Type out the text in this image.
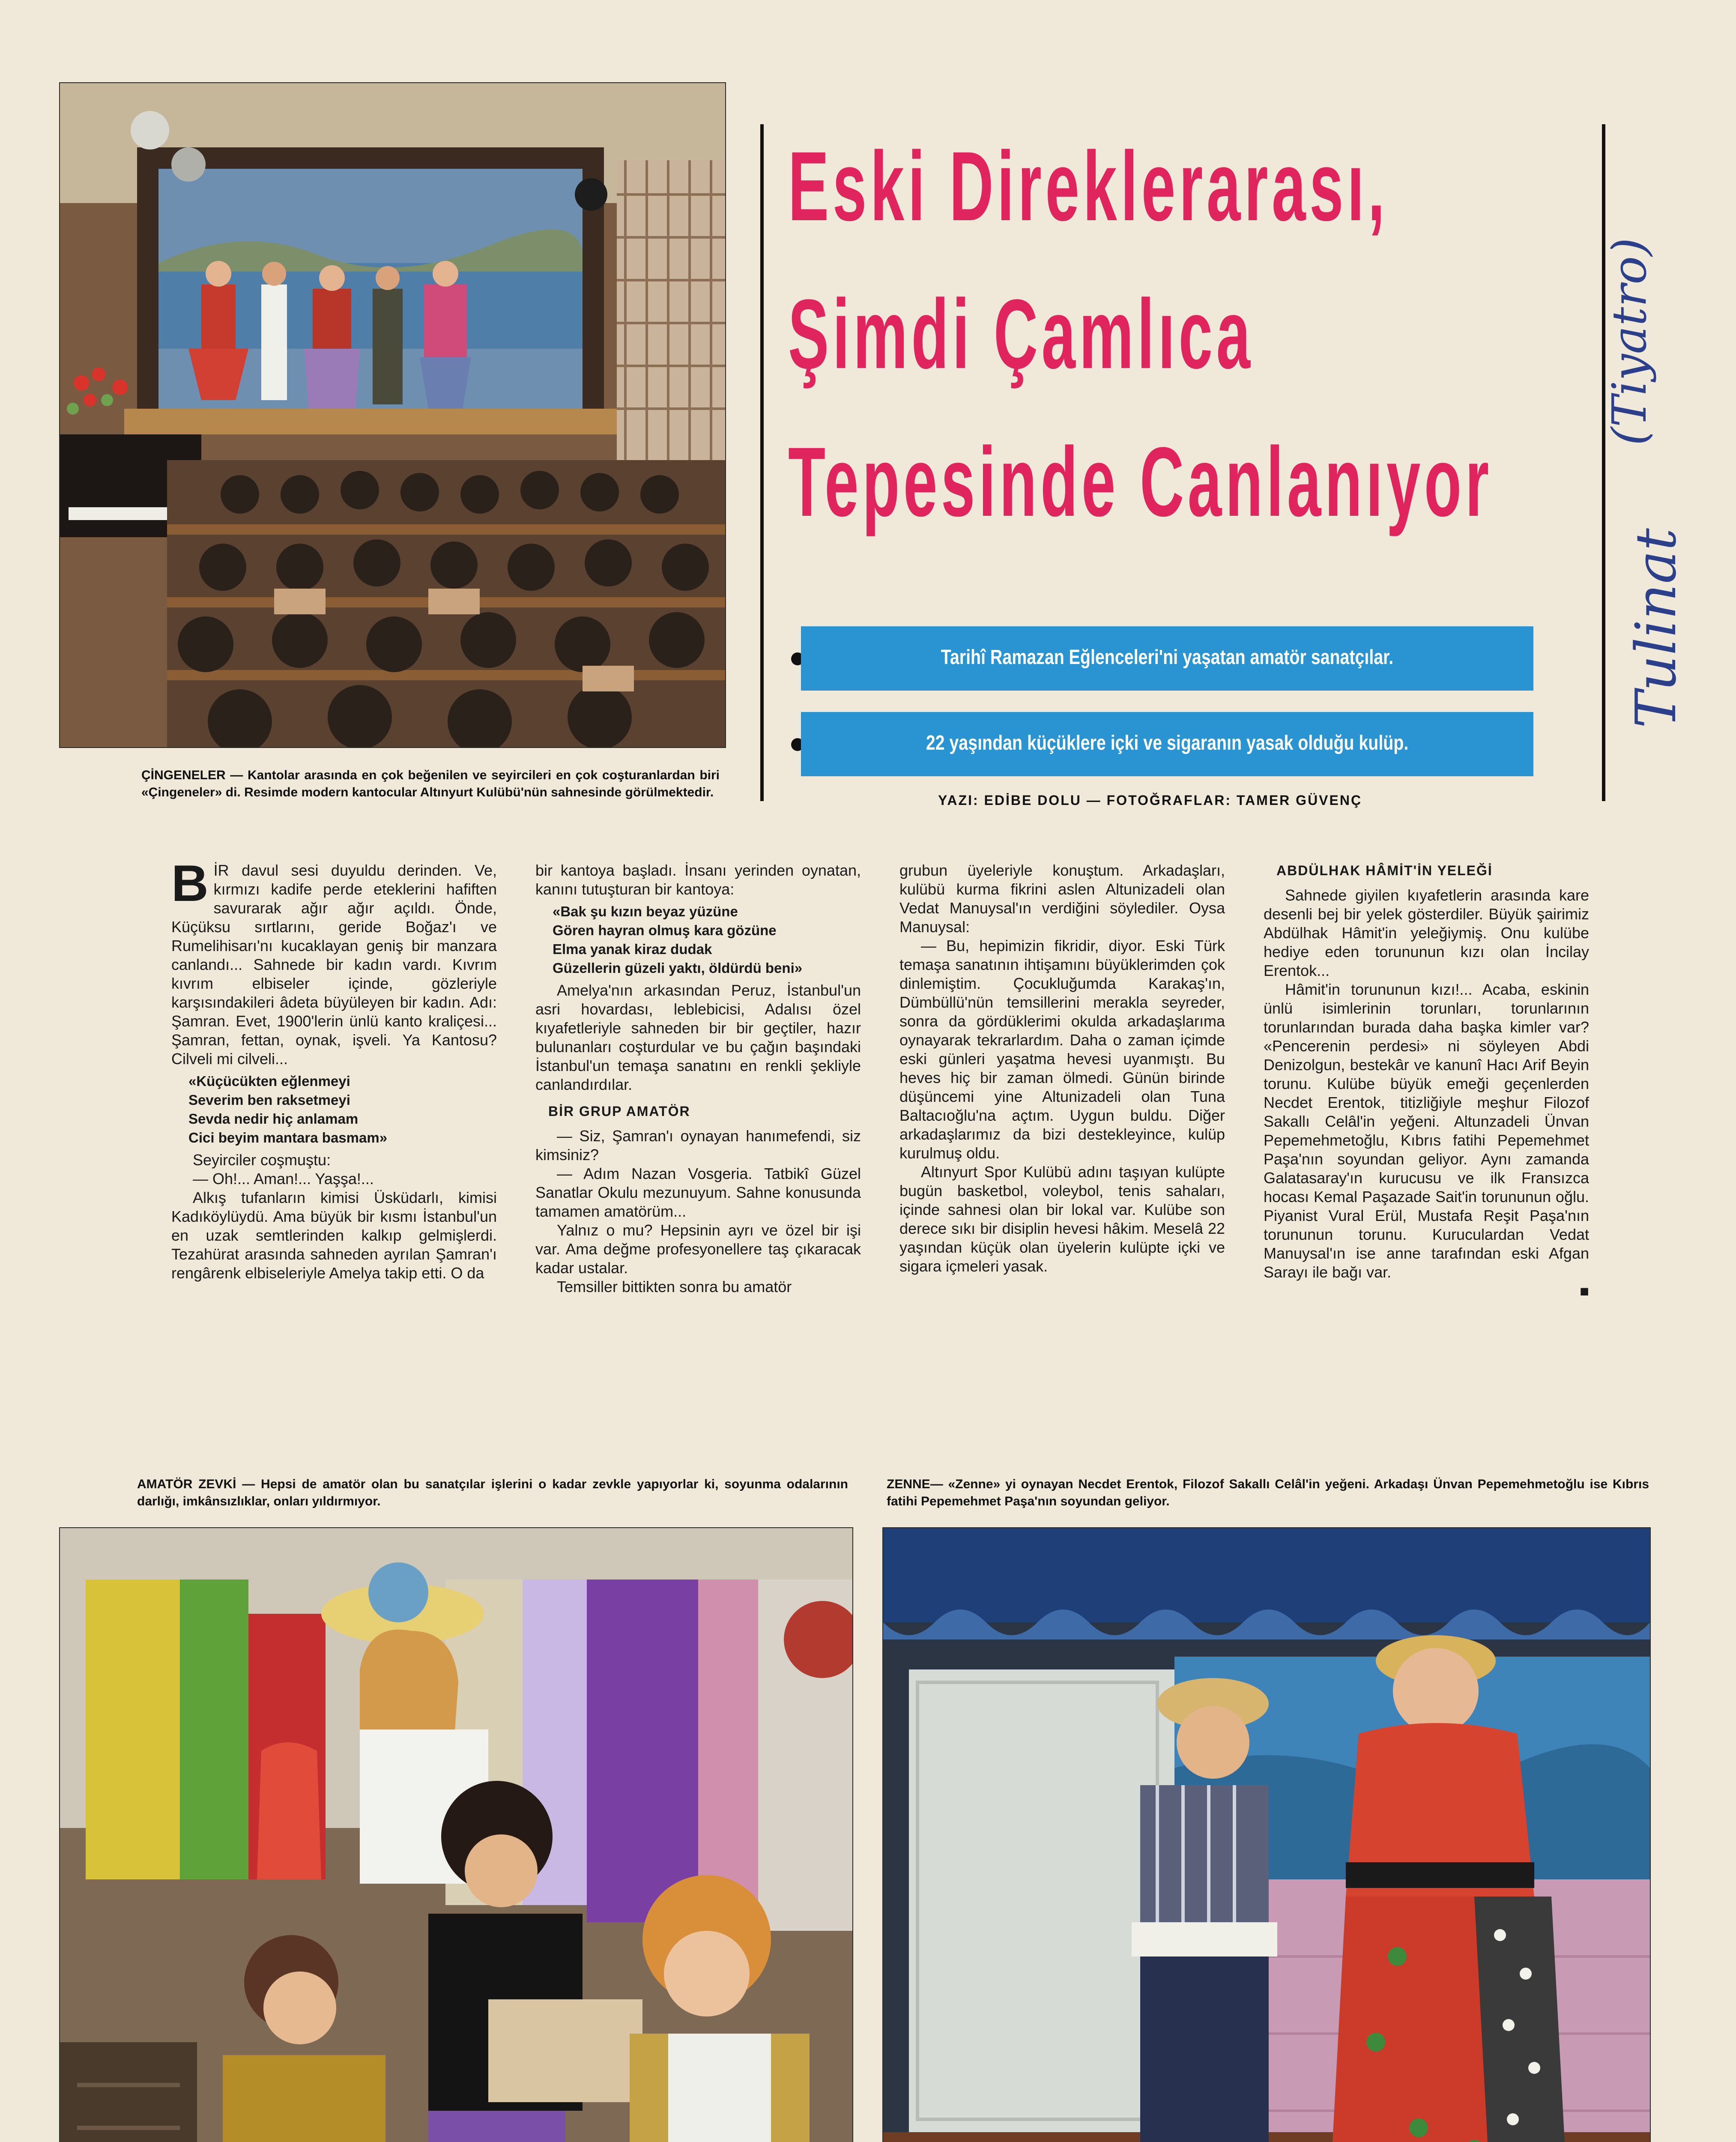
ÇİNGENELER — Kantolar arasında en çok beğenilen ve seyircileri en çok coşturanlardan biri «Çingeneler» di. Resimde modern kantocular Altınyurt Kulübü'nün sahnesinde görülmektedir.
Eski Direklerarası,
Şimdi Çamlıca
Tepesinde Canlanıyor
Tarihî Ramazan Eğlenceleri'ni yaşatan amatör sanatçılar.
22 yaşından küçüklere içki ve sigaranın yasak olduğu kulüp.
YAZI: EDİBE DOLU — FOTOĞRAFLAR: TAMER GÜVENÇ
(Tiyatro)
Tulinat

BİR davul sesi duyuldu derinden. Ve, kırmızı kadife perde eteklerini hafiften savurarak ağır ağır açıldı. Önde, Küçüksu sırtlarını, geride Boğaz'ı ve Rumelihisarı'nı kucaklayan geniş bir manzara canlandı... Sahnede bir kadın vardı. Kıvrım kıvrım elbiseler içinde, gözleriyle karşısındakileri âdeta büyüleyen bir kadın. Adı: Şamran. Evet, 1900'lerin ünlü kanto kraliçesi... Şamran, fettan, oynak, işveli. Ya Kantosu? Cilveli mi cilveli...

«Küçücükten eğlenmeyi
Severim ben raksetmeyi
Sevda nedir hiç anlamam
Cici beyim mantara basmam»

Seyirciler coşmuştu:

— Oh!... Aman!... Yaşşa!...

Alkış tufanların kimisi Üsküdarlı, kimisi Kadıköylüydü. Ama büyük bir kısmı İstanbul'un en uzak semtlerinden kalkıp gelmişlerdi. Tezahürat arasında sahneden ayrılan Şamran'ı rengârenk elbiseleriyle Amelya takip etti. O da

bir kantoya başladı. İnsanı yerinden oynatan, kanını tutuşturan bir kantoya:

«Bak şu kızın beyaz yüzüne
Gören hayran olmuş kara gözüne
Elma yanak kiraz dudak
Güzellerin güzeli yaktı, öldürdü beni»

Amelya'nın arkasından Peruz, İstanbul'un asri hovardası, leblebicisi, Adalısı özel kıyafetleriyle sahneden bir bir geçtiler, hazır bulunanları coşturdular ve bu çağın başındaki İstanbul'un temaşa sanatını en renkli şekliyle canlandırdılar.

BİR GRUP AMATÖR

— Siz, Şamran'ı oynayan hanımefendi, siz kimsiniz?

— Adım Nazan Vosgeria. Tatbikî Güzel Sanatlar Okulu mezunuyum. Sahne konusunda tamamen amatörüm...

Yalnız o mu? Hepsinin ayrı ve özel bir işi var. Ama değme profesyonellere taş çıkaracak kadar ustalar.

Temsiller bittikten sonra bu amatör

grubun üyeleriyle konuştum. Arkadaşları, kulübü kurma fikrini aslen Altunizadeli olan Vedat Manuysal'ın verdiğini söylediler. Oysa Manuysal:

— Bu, hepimizin fikridir, diyor. Eski Türk temaşa sanatının ihtişamını büyüklerimden çok dinlemiştim. Çocukluğumda Karakaş'ın, Dümbüllü'nün temsillerini merakla seyreder, sonra da gördüklerimi okulda arkadaşlarıma oynayarak tekrarlardım. Daha o zaman içimde eski günleri yaşatma hevesi uyanmıştı. Bu heves hiç bir zaman ölmedi. Günün birinde düşüncemi yine Altunizadeli olan Tuna Baltacıoğlu'na açtım. Uygun buldu. Diğer arkadaşlarımız da bizi destekleyince, kulüp kurulmuş oldu.

Altınyurt Spor Kulübü adını taşıyan kulüpte bugün basketbol, voleybol, tenis sahaları, içinde sahnesi olan bir lokal var. Kulübe son derece sıkı bir disiplin hevesi hâkim. Meselâ 22 yaşından küçük olan üyelerin kulüpte içki ve sigara içmeleri yasak.

ABDÜLHAK HÂMİT'İN YELEĞİ

Sahnede giyilen kıyafetlerin arasında kare desenli bej bir yelek gösterdiler. Büyük şairimiz Abdülhak Hâmit'in yeleğiymiş. Onu kulübe hediye eden torununun kızı olan İncilay Erentok...

Hâmit'in torununun kızı!... Acaba, eskinin ünlü isimlerinin torunları, torunlarının torunlarından burada daha başka kimler var? «Pencerenin perdesi» ni söyleyen Abdi Denizolgun, bestekâr ve kanunî Hacı Arif Beyin torunu. Kulübe büyük emeği geçenlerden Necdet Erentok, titizliğiyle meşhur Filozof Sakallı Celâl'in yeğeni. Altunzadeli Ünvan Pepemehmetoğlu, Kıbrıs fatihi Pepemehmet Paşa'nın soyundan geliyor. Aynı zamanda Galatasaray'ın kurucusu ve ilk Fransızca hocası Kemal Paşazade Sait'in torununun oğlu. Piyanist Vural Erül, Mustafa Reşit Paşa'nın torununun torunu. Kuruculardan Vedat Manuysal'ın ise anne tarafından eski Afgan Sarayı ile bağı var.

■
AMATÖR ZEVKİ — Hepsi de amatör olan bu sanatçılar işlerini o kadar zevkle yapıyorlar ki, soyunma odalarının darlığı, imkânsızlıklar, onları yıldırmıyor.
ZENNE— «Zenne» yi oynayan Necdet Erentok, Filozof Sakallı Celâl'in yeğeni. Arkadaşı Ünvan Pepemehmetoğlu ise Kıbrıs fatihi Pepemehmet Paşa'nın soyundan geliyor.
